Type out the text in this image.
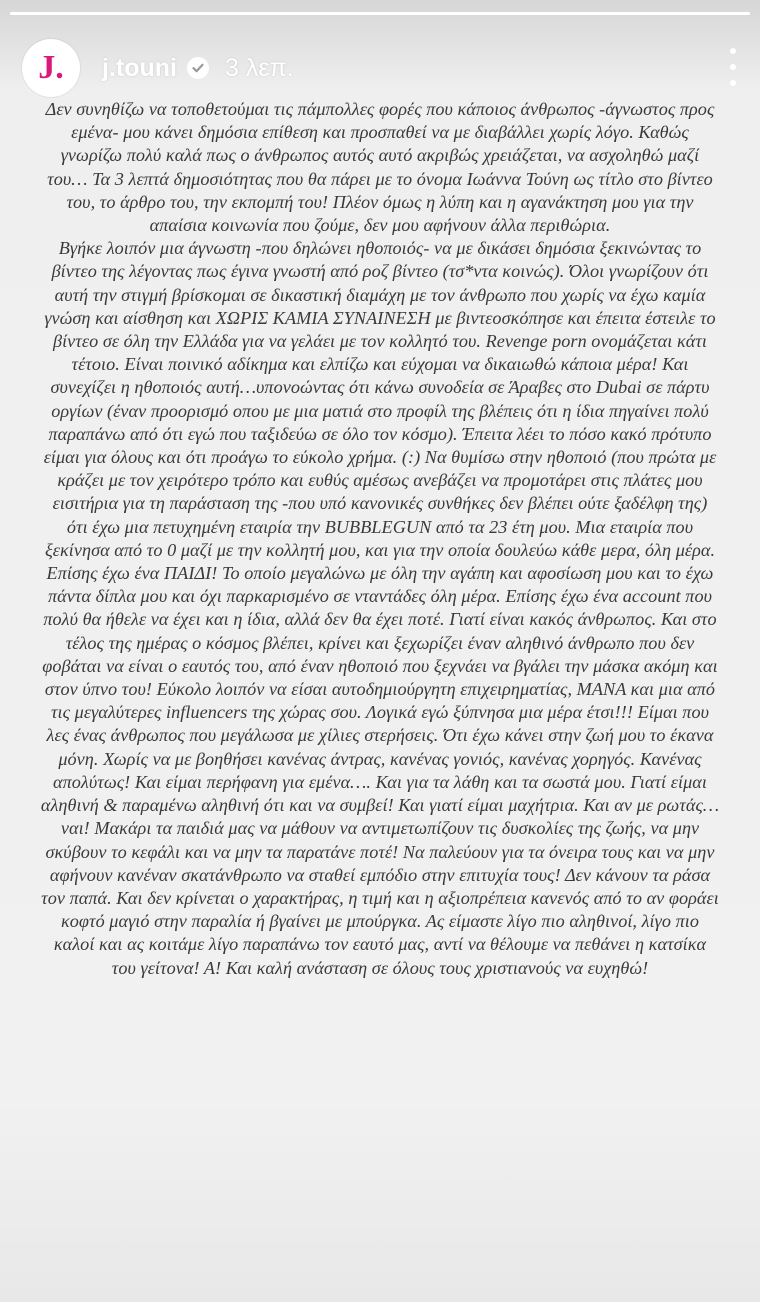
J. j.touni 3 λεπ.

Δεν συνηθίζω να τοποθετούμαι τις πάμπολλες φορές που κάποιος άνθρωπος -άγνωστος προς εμένα- μου κάνει δημόσια επίθεση και προσπαθεί να με διαβάλλει χωρίς λόγο. Καθώς γνωρίζω πολύ καλά πως ο άνθρωπος αυτός αυτό ακριβώς χρειάζεται, να ασχοληθώ μαζί του… Τα 3 λεπτά δημοσιότητας που θα πάρει με το όνομα Ιωάννα Τούνη ως τίτλο στο βίντεο του, το άρθρο του, την εκπομπή του! Πλέον όμως η λύπη και η αγανάκτηση μου για την απαίσια κοινωνία που ζούμε, δεν μου αφήνουν άλλα περιθώρια.

Βγήκε λοιπόν μια άγνωστη -που δηλώνει ηθοποιός- να με δικάσει δημόσια ξεκινώντας το βίντεο της λέγοντας πως έγινα γνωστή από ροζ βίντεο (τσ*ντα κοινώς). Όλοι γνωρίζουν ότι αυτή την στιγμή βρίσκομαι σε δικαστική διαμάχη με τον άνθρωπο που χωρίς να έχω καμία γνώση και αίσθηση και ΧΩΡΙΣ ΚΑΜΙΑ ΣΥΝΑΙΝΕΣΗ με βιντεοσκόπησε και έπειτα έστειλε το βίντεο σε όλη την Ελλάδα για να γελάει με τον κολλητό του. Revenge porn ονομάζεται κάτι τέτοιο. Είναι ποινικό αδίκημα και ελπίζω και εύχομαι να δικαιωθώ κάποια μέρα! Και συνεχίζει η ηθοποιός αυτή…υπονοώντας ότι κάνω συνοδεία σε Άραβες στο Dubai σε πάρτυ οργίων (έναν προορισμό οπου με μια ματιά στο προφίλ της βλέπεις ότι η ίδια πηγαίνει πολύ παραπάνω από ότι εγώ που ταξιδεύω σε όλο τον κόσμο). Έπειτα λέει το πόσο κακό πρότυπο είμαι για όλους και ότι προάγω το εύκολο χρήμα. (:) Να θυμίσω στην ηθοποιό (που πρώτα με κράζει με τον χειρότερο τρόπο και ευθύς αμέσως ανεβάζει να προμοτάρει στις πλάτες μου εισιτήρια για τη παράσταση της -που υπό κανονικές συνθήκες δεν βλέπει ούτε ξαδέλφη της) ότι έχω μια πετυχημένη εταιρία την BUBBLEGUN από τα 23 έτη μου. Μια εταιρία που ξεκίνησα από το 0 μαζί με την κολλητή μου, και για την οποία δουλεύω κάθε μερα, όλη μέρα. Επίσης έχω ένα ΠΑΙΔΙ! Το οποίο μεγαλώνω με όλη την αγάπη και αφοσίωση μου και το έχω πάντα δίπλα μου και όχι παρκαρισμένο σε νταντάδες όλη μέρα. Επίσης έχω ένα account που πολύ θα ήθελε να έχει και η ίδια, αλλά δεν θα έχει ποτέ. Γιατί είναι κακός άνθρωπος. Και στο τέλος της ημέρας ο κόσμος βλέπει, κρίνει και ξεχωρίζει έναν αληθινό άνθρωπο που δεν φοβάται να είναι ο εαυτός του, από έναν ηθοποιό που ξεχνάει να βγάλει την μάσκα ακόμη και στον ύπνο του! Εύκολο λοιπόν να είσαι αυτοδημιούργητη επιχειρηματίας, ΜΑΝΑ και μια από τις μεγαλύτερες influencers της χώρας σου. Λογικά εγώ ξύπνησα μια μέρα έτσι!!! Είμαι που λες ένας άνθρωπος που μεγάλωσα με χίλιες στερήσεις. Ότι έχω κάνει στην ζωή μου το έκανα μόνη. Χωρίς να με βοηθήσει κανένας άντρας, κανένας γονιός, κανένας χορηγός. Κανένας απολύτως! Και είμαι περήφανη για εμένα…. Και για τα λάθη και τα σωστά μου. Γιατί είμαι αληθινή & παραμένω αληθινή ότι και να συμβεί! Και γιατί είμαι μαχήτρια. Και αν με ρωτάς… ναι! Μακάρι τα παιδιά μας να μάθουν να αντιμετωπίζουν τις δυσκολίες της ζωής, να μην σκύβουν το κεφάλι και να μην τα παρατάνε ποτέ! Να παλεύουν για τα όνειρα τους και να μην αφήνουν κανέναν σκατάνθρωπο να σταθεί εμπόδιο στην επιτυχία τους! Δεν κάνουν τα ράσα τον παπά. Και δεν κρίνεται ο χαρακτήρας, η τιμή και η αξιοπρέπεια κανενός από το αν φοράει κοφτό μαγιό στην παραλία ή βγαίνει με μπούργκα. Ας είμαστε λίγο πιο αληθινοί, λίγο πιο καλοί και ας κοιτάμε λίγο παραπάνω τον εαυτό μας, αντί να θέλουμε να πεθάνει η κατσίκα του γείτονα! Α! Και καλή ανάσταση σε όλους τους χριστιανούς να ευχηθώ!
